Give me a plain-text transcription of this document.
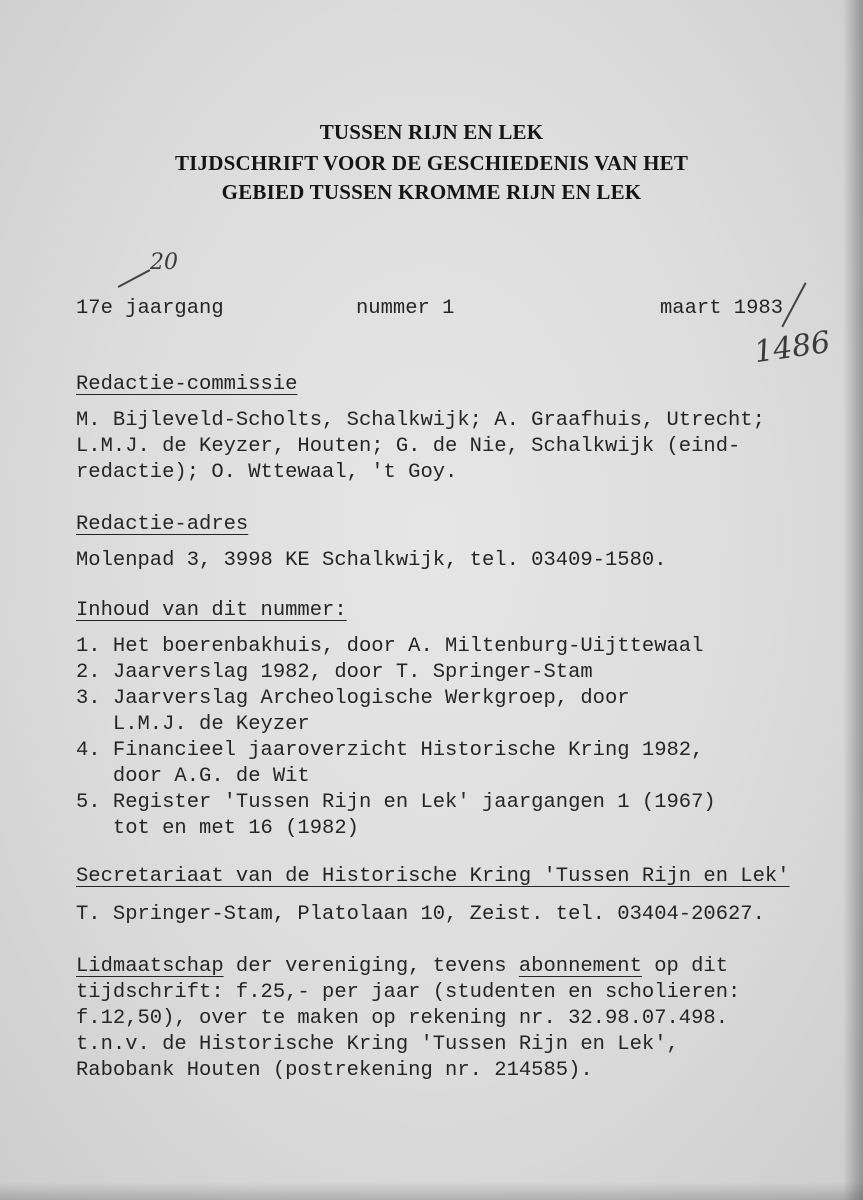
TUSSEN RIJN EN LEK
TIJDSCHRIFT VOOR DE GESCHIEDENIS VAN HET
GEBIED TUSSEN KROMME RIJN EN LEK
20
1486
17e jaargang	nummer 1	maart 1983
Redactie-commissie
M. Bijleveld-Scholts, Schalkwijk; A. Graafhuis, Utrecht;
L.M.J. de Keyzer, Houten; G. de Nie, Schalkwijk (eind-
redactie); O. Wttewaal, 't Goy.
Redactie-adres
Molenpad 3, 3998 KE Schalkwijk, tel. 03409-1580.
Inhoud van dit nummer:
1. Het boerenbakhuis, door A. Miltenburg-Uijttewaal
2. Jaarverslag 1982, door T. Springer-Stam
3. Jaarverslag Archeologische Werkgroep, door
L.M.J. de Keyzer
4. Financieel jaaroverzicht Historische Kring 1982,
door A.G. de Wit
5. Register 'Tussen Rijn en Lek' jaargangen 1 (1967)
tot en met 16 (1982)
Secretariaat van de Historische Kring 'Tussen Rijn en Lek'
T. Springer-Stam, Platolaan 10, Zeist. tel. 03404-20627.
Lidmaatschap der vereniging, tevens abonnement op dit
tijdschrift: f.25,- per jaar (studenten en scholieren:
f.12,50), over te maken op rekening nr. 32.98.07.498.
t.n.v. de Historische Kring 'Tussen Rijn en Lek',
Rabobank Houten (postrekening nr. 214585).
